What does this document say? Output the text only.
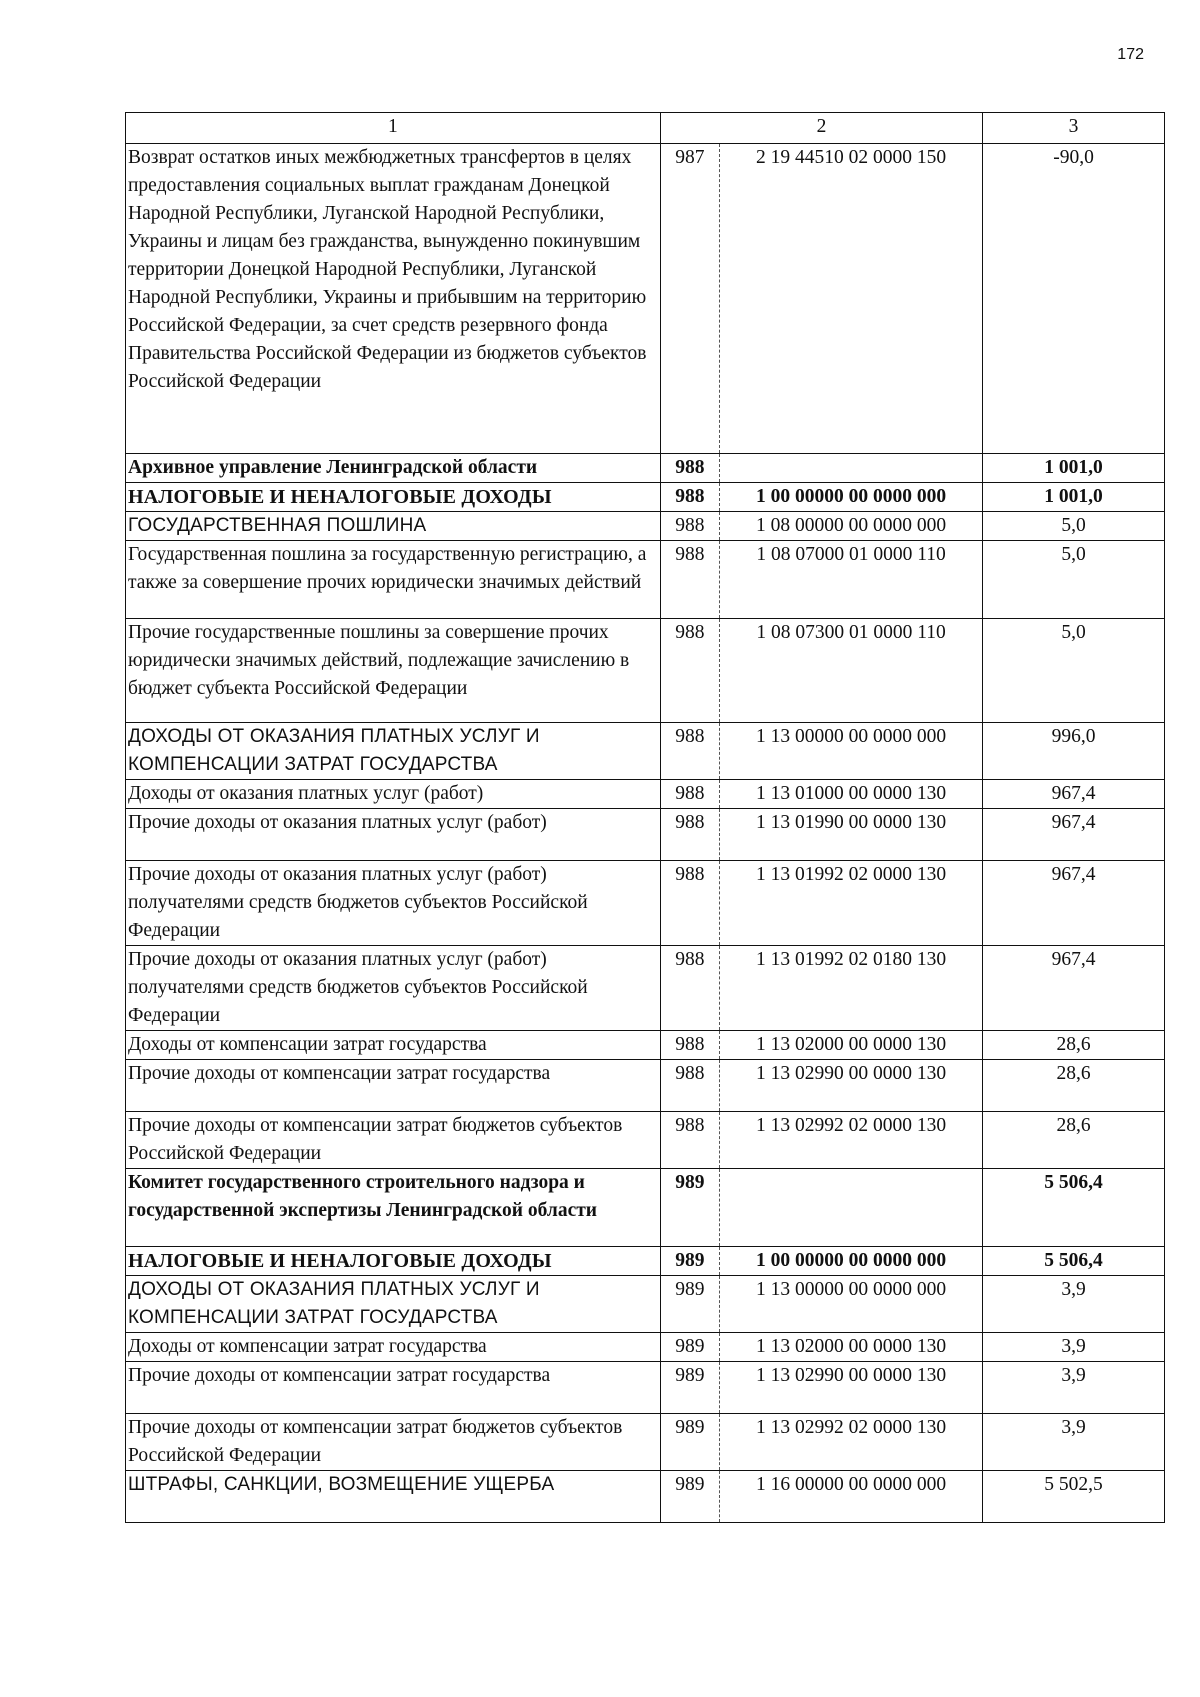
172
1	2		3
Возврат остатков иных межбюджетных трансфертов в целях предоставления социальных выплат гражданам Донецкой Народной Республики, Луганской Народной Республики, Украины и лицам без гражданства, вынужденно покинувшим территории Донецкой Народной Республики, Луганской Народной Республики, Украины и прибывшим на территорию Российской Федерации, за счет средств резервного фонда Правительства Российской Федерации из бюджетов субъектов Российской Федерации	987	2 19 44510 02 0000 150	-90,0
Архивное управление Ленинградской области	988		1 001,0
НАЛОГОВЫЕ И НЕНАЛОГОВЫЕ ДОХОДЫ	988	1 00 00000 00 0000 000	1 001,0
ГОСУДАРСТВЕННАЯ ПОШЛИНА	988	1 08 00000 00 0000 000	5,0
Государственная пошлина за государственную регистрацию, а также за совершение прочих юридически значимых действий	988	1 08 07000 01 0000 110	5,0
Прочие государственные пошлины за совершение прочих юридически значимых действий, подлежащие зачислению в бюджет субъекта Российской Федерации	988	1 08 07300 01 0000 110	5,0
ДОХОДЫ ОТ ОКАЗАНИЯ ПЛАТНЫХ УСЛУГ И КОМПЕНСАЦИИ ЗАТРАТ ГОСУДАРСТВА	988	1 13 00000 00 0000 000	996,0
Доходы от оказания платных услуг (работ)	988	1 13 01000 00 0000 130	967,4
Прочие доходы от оказания платных услуг (работ)	988	1 13 01990 00 0000 130	967,4
Прочие доходы от оказания платных услуг (работ) получателями средств бюджетов субъектов Российской Федерации	988	1 13 01992 02 0000 130	967,4
Прочие доходы от оказания платных услуг (работ) получателями средств бюджетов субъектов Российской Федерации	988	1 13 01992 02 0180 130	967,4
Доходы от компенсации затрат государства	988	1 13 02000 00 0000 130	28,6
Прочие доходы от компенсации затрат государства	988	1 13 02990 00 0000 130	28,6
Прочие доходы от компенсации затрат бюджетов субъектов Российской Федерации	988	1 13 02992 02 0000 130	28,6
Комитет государственного строительного надзора и государственной экспертизы Ленинградской области	989		5 506,4
НАЛОГОВЫЕ И НЕНАЛОГОВЫЕ ДОХОДЫ	989	1 00 00000 00 0000 000	5 506,4
ДОХОДЫ ОТ ОКАЗАНИЯ ПЛАТНЫХ УСЛУГ И КОМПЕНСАЦИИ ЗАТРАТ ГОСУДАРСТВА	989	1 13 00000 00 0000 000	3,9
Доходы от компенсации затрат государства	989	1 13 02000 00 0000 130	3,9
Прочие доходы от компенсации затрат государства	989	1 13 02990 00 0000 130	3,9
Прочие доходы от компенсации затрат бюджетов субъектов Российской Федерации	989	1 13 02992 02 0000 130	3,9
ШТРАФЫ, САНКЦИИ, ВОЗМЕЩЕНИЕ УЩЕРБА	989	1 16 00000 00 0000 000	5 502,5
